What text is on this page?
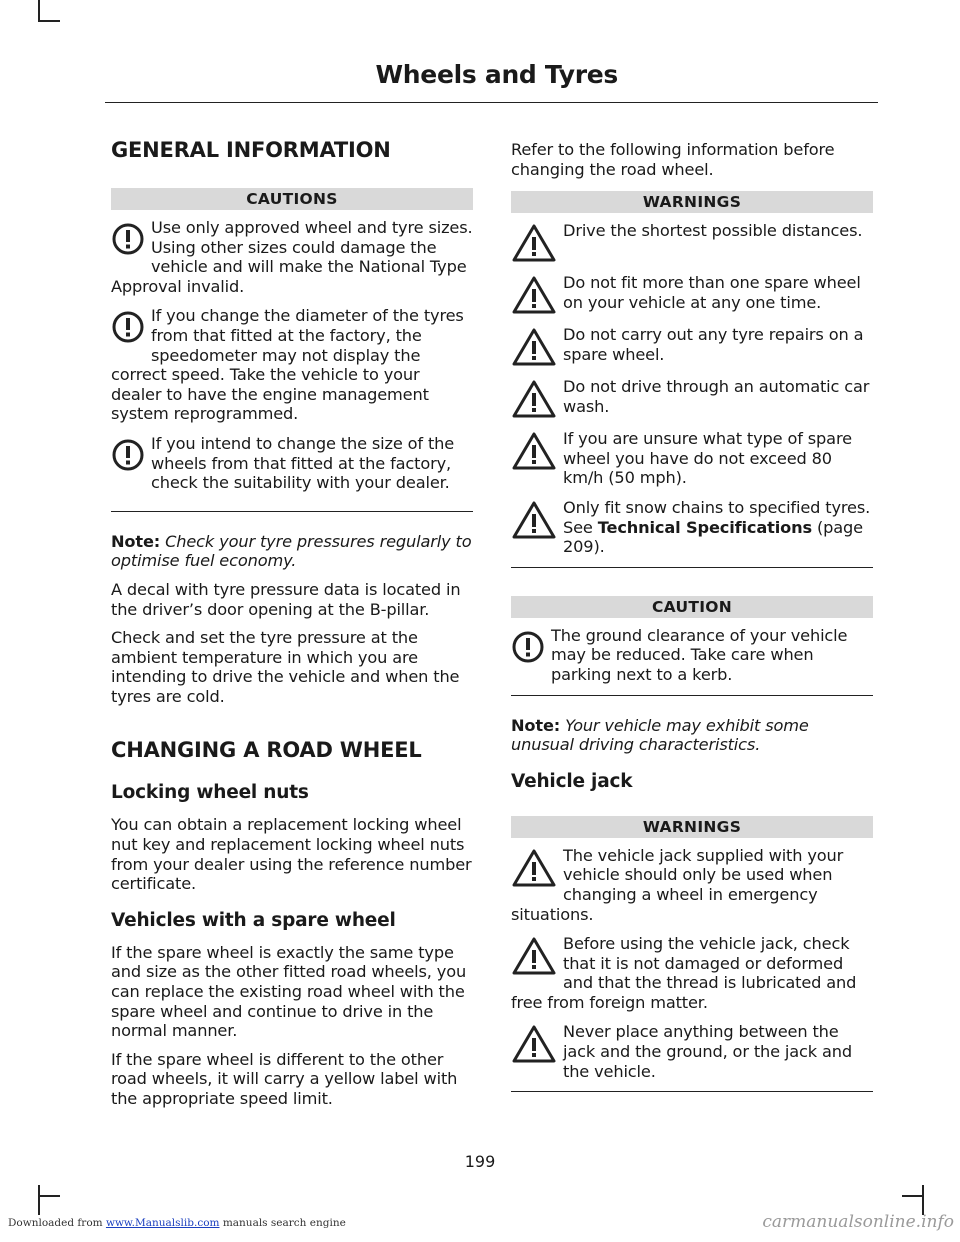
Wheels and Tyres
GENERAL INFORMATION
CAUTIONS
Use only approved wheel and tyre sizes. Using other sizes could damage the vehicle and will make the National Type Approval invalid.
If you change the diameter of the tyres from that fitted at the factory, the speedometer may not display the correct speed. Take the vehicle to your dealer to have the engine management system reprogrammed.
If you intend to change the size of the wheels from that fitted at the factory, check the suitability with your dealer.

Note: Check your tyre pressures regularly to optimise fuel economy.

A decal with tyre pressure data is located in the driver’s door opening at the B-pillar.

Check and set the tyre pressure at the ambient temperature in which you are intending to drive the vehicle and when the tyres are cold.

CHANGING A ROAD WHEEL
Locking wheel nuts

You can obtain a replacement locking wheel nut key and replacement locking wheel nuts from your dealer using the reference number certificate.

Vehicles with a spare wheel

If the spare wheel is exactly the same type and size as the other fitted road wheels, you can replace the existing road wheel with the spare wheel and continue to drive in the normal manner.

If the spare wheel is different to the other road wheels, it will carry a yellow label with the appropriate speed limit.

Refer to the following information before changing the road wheel.

WARNINGS
Drive the shortest possible distances.
Do not fit more than one spare wheel on your vehicle at any one time.
Do not carry out any tyre repairs on a spare wheel.
Do not drive through an automatic car wash.
If you are unsure what type of spare wheel you have do not exceed 80 km/h (50 mph).
Only fit snow chains to specified tyres. See Technical Specifications (page 209).
CAUTION
The ground clearance of your vehicle may be reduced. Take care when parking next to a kerb.

Note: Your vehicle may exhibit some unusual driving characteristics.

Vehicle jack
WARNINGS
The vehicle jack supplied with your vehicle should only be used when changing a wheel in emergency situations.
Before using the vehicle jack, check that it is not damaged or deformed and that the thread is lubricated and free from foreign matter.
Never place anything between the jack and the ground, or the jack and the vehicle.
199
Downloaded from www.Manualslib.com manuals search engine	carmanualsonline.info
